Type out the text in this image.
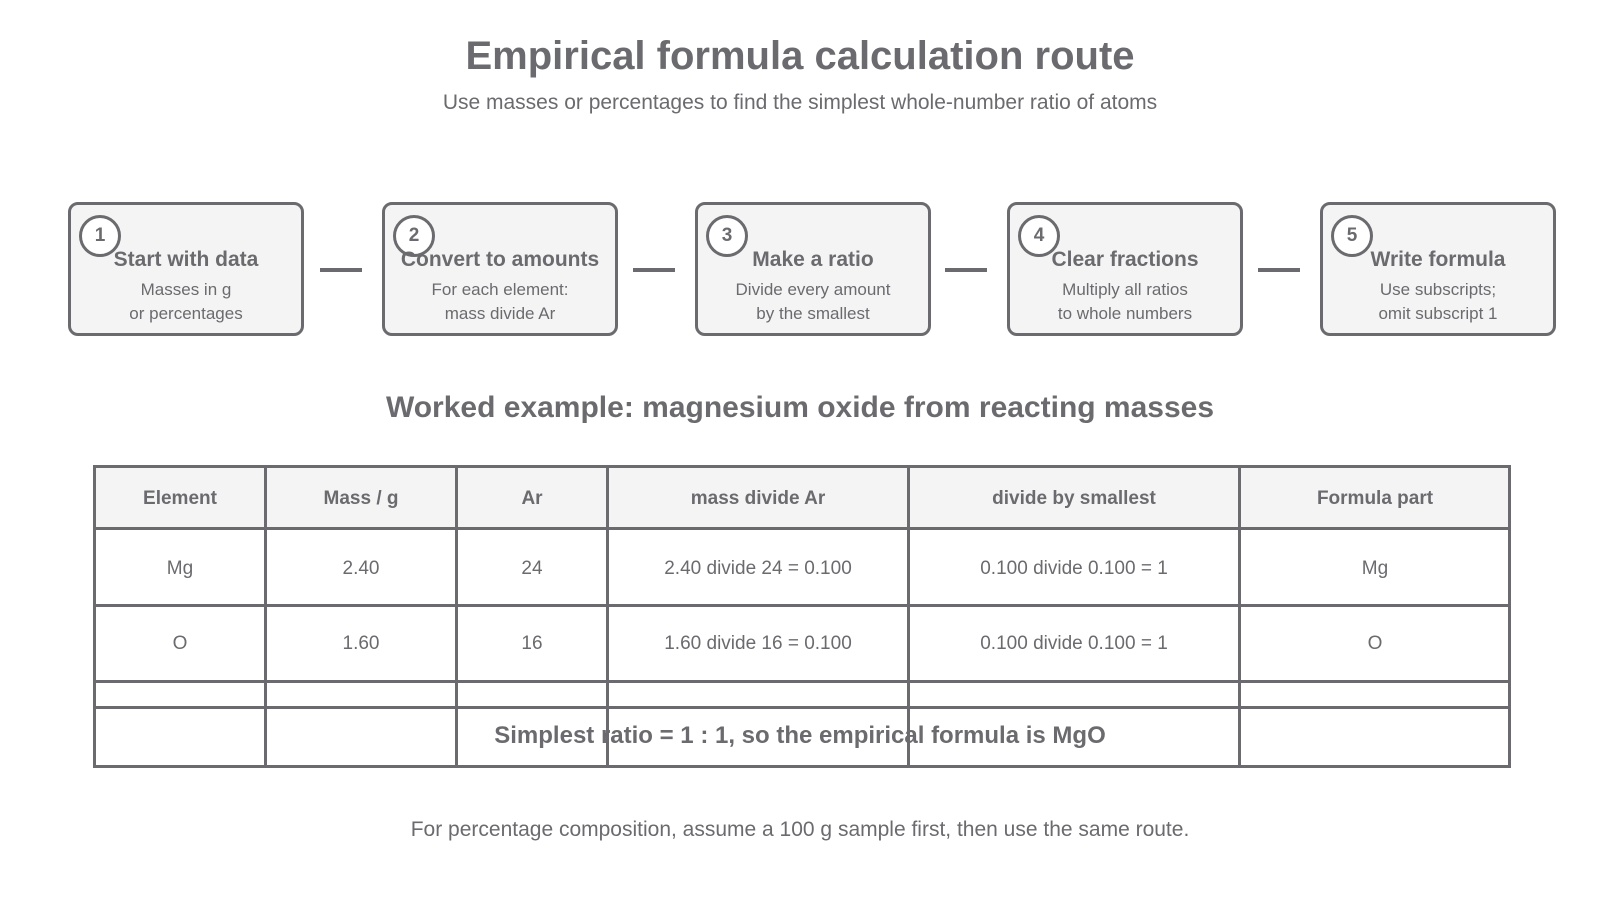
Empirical formula calculation route
Use masses or percentages to find the simplest whole-number ratio of atoms
1
Start with data
Masses in g
or percentages
2
Convert to amounts
For each element:
mass divide Ar
3
Make a ratio
Divide every amount
by the smallest
4
Clear fractions
Multiply all ratios
to whole numbers
5
Write formula
Use subscripts;
omit subscript 1
Worked example: magnesium oxide from reacting masses
Element	Mass / g	Ar	mass divide Ar	divide by smallest	Formula part
Mg	2.40	24	2.40 divide 24 = 0.100	0.100 divide 0.100 = 1	Mg
O	1.60	16	1.60 divide 16 = 0.100	0.100 divide 0.100 = 1	O
Simplest ratio = 1 : 1, so the empirical formula is MgO
For percentage composition, assume a 100 g sample first, then use the same route.
